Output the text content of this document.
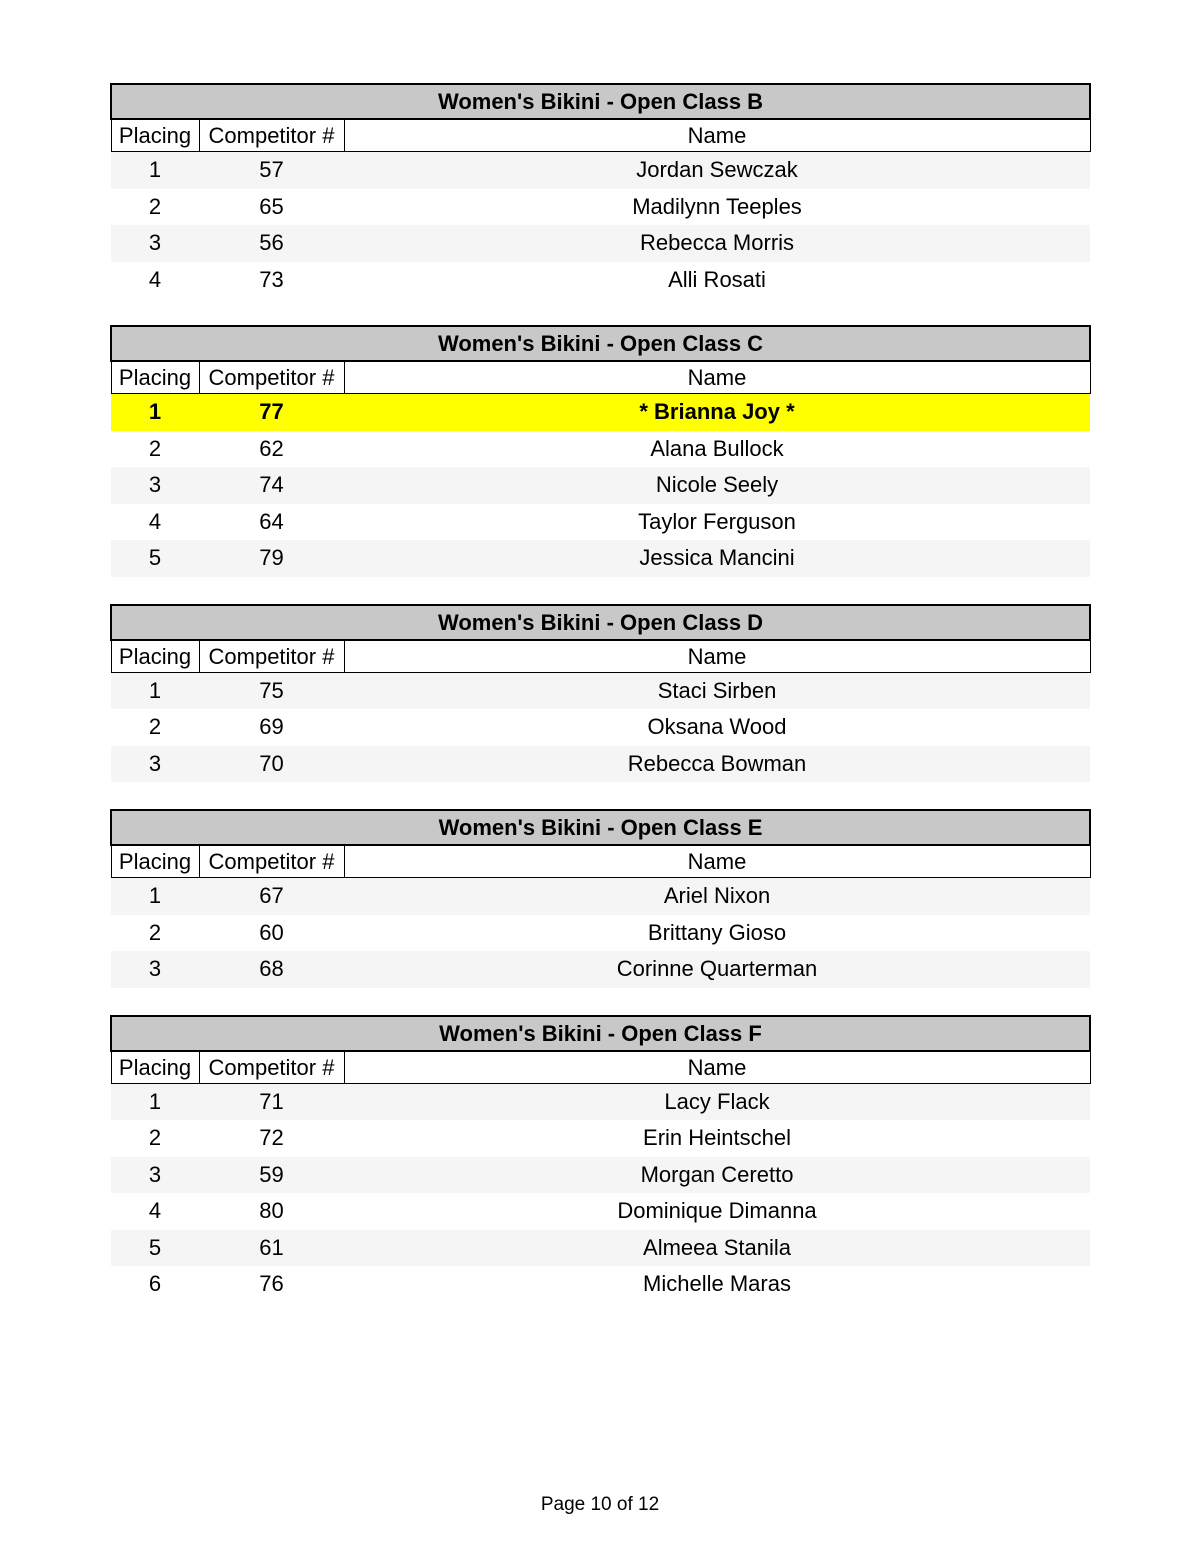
Women's Bikini - Open Class B		
Placing	Competitor #	Name
1	57	Jordan Sewczak
2	65	Madilynn Teeples
3	56	Rebecca Morris
4	73	Alli Rosati
Women's Bikini - Open Class C		
Placing	Competitor #	Name
1	77	* Brianna Joy *
2	62	Alana Bullock
3	74	Nicole Seely
4	64	Taylor Ferguson
5	79	Jessica Mancini
Women's Bikini - Open Class D		
Placing	Competitor #	Name
1	75	Staci Sirben
2	69	Oksana Wood
3	70	Rebecca Bowman
Women's Bikini - Open Class E		
Placing	Competitor #	Name
1	67	Ariel Nixon
2	60	Brittany Gioso
3	68	Corinne Quarterman
Women's Bikini - Open Class F		
Placing	Competitor #	Name
1	71	Lacy Flack
2	72	Erin Heintschel
3	59	Morgan Ceretto
4	80	Dominique Dimanna
5	61	Almeea Stanila
6	76	Michelle Maras
Page 10 of 12
